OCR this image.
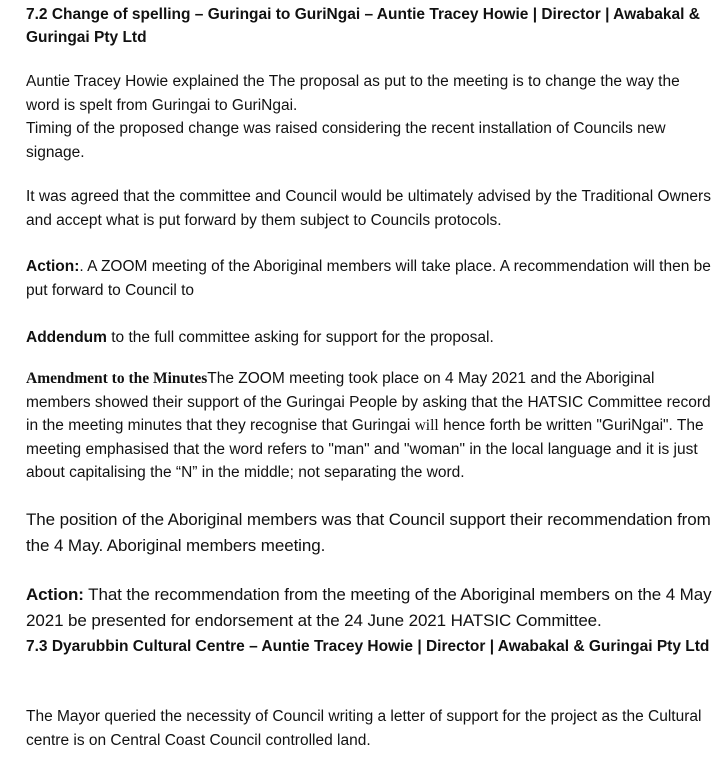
7.2 Change of spelling – Guringai to GuriNgai – Auntie Tracey Howie | Director | Awabakal & Guringai Pty Ltd
Auntie Tracey Howie explained the The proposal as put to the meeting is to change the way the word is spelt from Guringai to GuriNgai.
Timing of the proposed change was raised considering the recent installation of Councils new signage.

It was agreed that the committee and Council would be ultimately advised by the Traditional Owners and accept what is put forward by them subject to Councils protocols.

Action:. A ZOOM meeting of the Aboriginal members will take place. A recommendation will then be put forward to Council to

Addendum to the full committee asking for support for the proposal.

Amendment to the MinutesThe ZOOM meeting took place on 4 May 2021 and the Aboriginal members showed their support of the Guringai People by asking that the HATSIC Committee record in the meeting minutes that they recognise that Guringai will hence forth be written "GuriNgai". The meeting emphasised that the word refers to "man" and "woman" in the local language and it is just about capitalising the “N” in the middle; not separating the word.

The position of the Aboriginal members was that Council support their recommendation from the 4 May. Aboriginal members meeting.

Action: That the recommendation from the meeting of the Aboriginal members on the 4 May 2021 be presented for endorsement at the 24 June 2021 HATSIC Committee.

7.3 Dyarubbin Cultural Centre – Auntie Tracey Howie | Director | Awabakal & Guringai Pty Ltd

The Mayor queried the necessity of Council writing a letter of support for the project as the Cultural centre is on Central Coast Council controlled land.
